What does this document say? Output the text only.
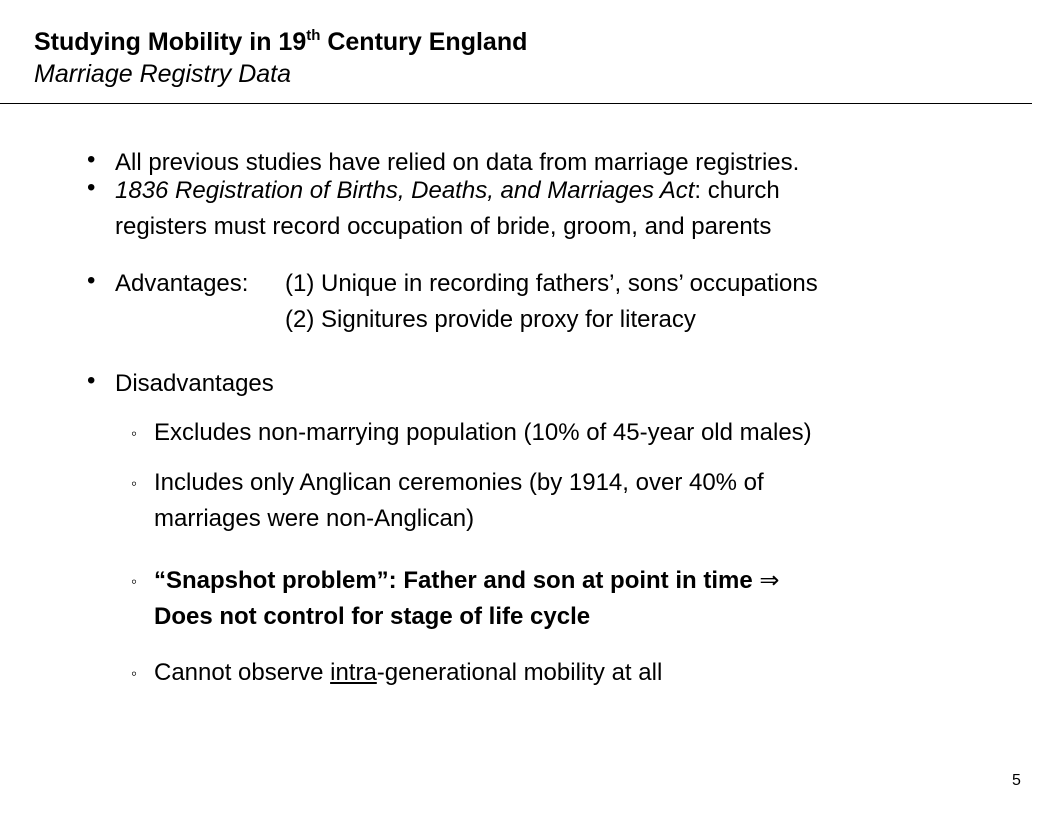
Studying Mobility in 19th Century England
Marriage Registry Data
• All previous studies have relied on data from marriage registries.
• 1836 Registration of Births, Deaths, and Marriages Act: church
registers must record occupation of bride, groom, and parents
• Advantages: (1) Unique in recording fathers’, sons’ occupations
(2) Signitures provide proxy for literacy
• Disadvantages
◦ Excludes non-marrying population (10% of 45-year old males)
◦ Includes only Anglican ceremonies (by 1914, over 40% of
marriages were non-Anglican)
◦ “Snapshot problem”: Father and son at point in time ⇒
Does not control for stage of life cycle
◦ Cannot observe intra-generational mobility at all
5
